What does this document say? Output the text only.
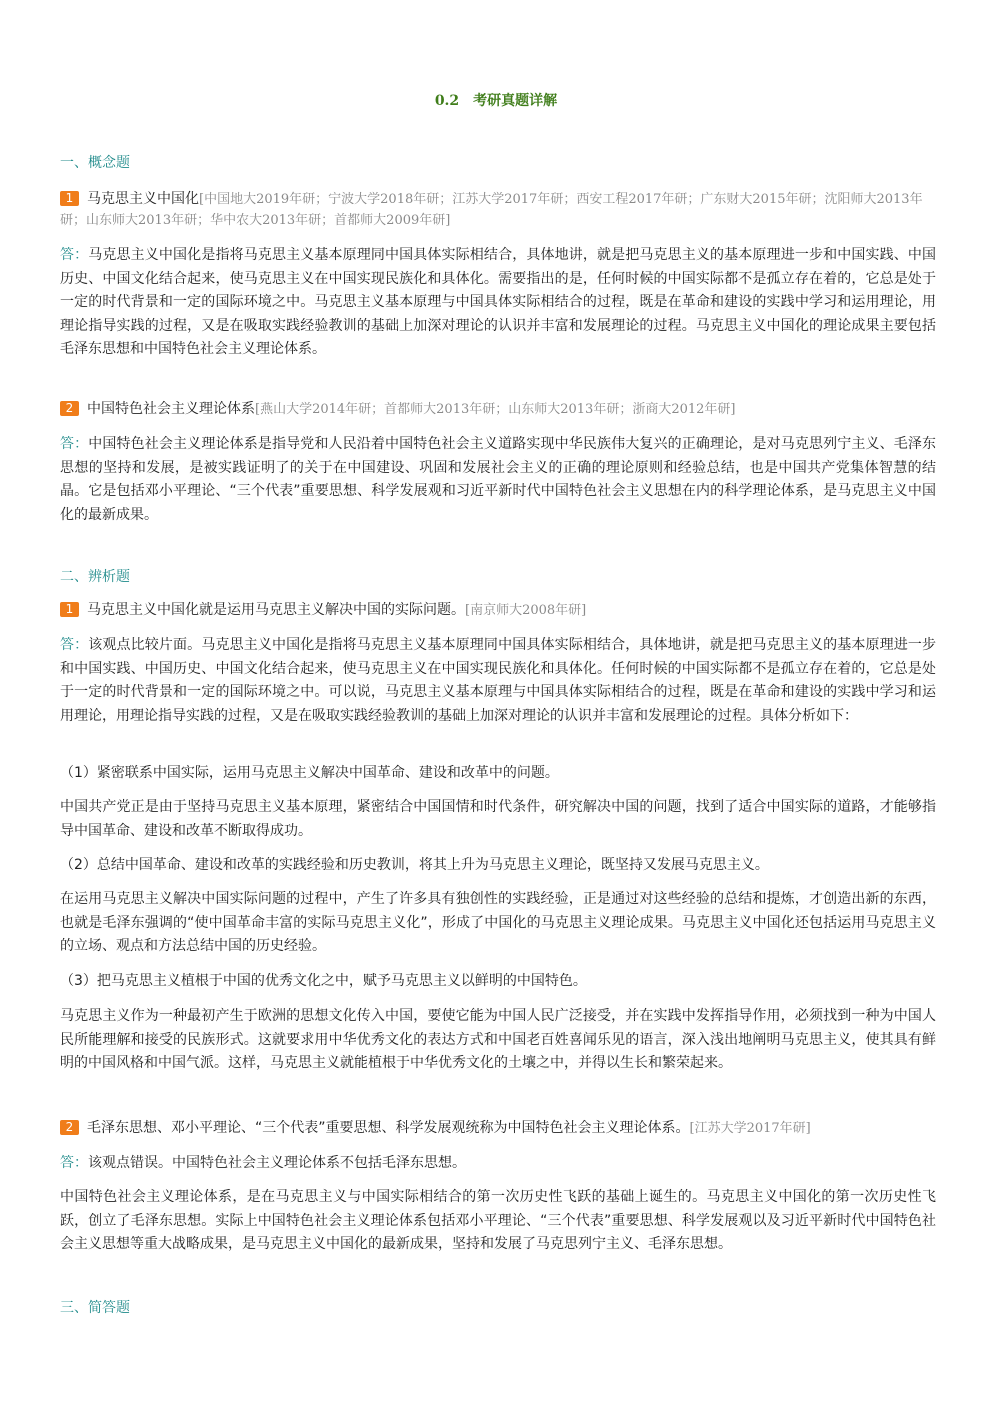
0.2 考研真题详解
一、概念题
1 马克思主义中国化[中国地大2019年研；宁波大学2018年研；江苏大学2017年研；西安工程2017年研；广东财大2015年研；沈阳师大2013年研；山东师大2013年研；华中农大2013年研；首都师大2009年研]
答：马克思主义中国化是指将马克思主义基本原理同中国具体实际相结合，具体地讲，就是把马克思主义的基本原理进一步和中国实践、中国历史、中国文化结合起来，使马克思主义在中国实现民族化和具体化。需要指出的是，任何时候的中国实际都不是孤立存在着的，它总是处于一定的时代背景和一定的国际环境之中。马克思主义基本原理与中国具体实际相结合的过程，既是在革命和建设的实践中学习和运用理论，用理论指导实践的过程，又是在吸取实践经验教训的基础上加深对理论的认识并丰富和发展理论的过程。马克思主义中国化的理论成果主要包括毛泽东思想和中国特色社会主义理论体系。
2 中国特色社会主义理论体系[燕山大学2014年研；首都师大2013年研；山东师大2013年研；浙商大2012年研]
答：中国特色社会主义理论体系是指导党和人民沿着中国特色社会主义道路实现中华民族伟大复兴的正确理论，是对马克思列宁主义、毛泽东思想的坚持和发展，是被实践证明了的关于在中国建设、巩固和发展社会主义的正确的理论原则和经验总结，也是中国共产党集体智慧的结晶。它是包括邓小平理论、“三个代表”重要思想、科学发展观和习近平新时代中国特色社会主义思想在内的科学理论体系，是马克思主义中国化的最新成果。
二、辨析题
1 马克思主义中国化就是运用马克思主义解决中国的实际问题。[南京师大2008年研]
答：该观点比较片面。马克思主义中国化是指将马克思主义基本原理同中国具体实际相结合，具体地讲，就是把马克思主义的基本原理进一步和中国实践、中国历史、中国文化结合起来，使马克思主义在中国实现民族化和具体化。任何时候的中国实际都不是孤立存在着的，它总是处于一定的时代背景和一定的国际环境之中。可以说，马克思主义基本原理与中国具体实际相结合的过程，既是在革命和建设的实践中学习和运用理论，用理论指导实践的过程，又是在吸取实践经验教训的基础上加深对理论的认识并丰富和发展理论的过程。具体分析如下：
（1）紧密联系中国实际，运用马克思主义解决中国革命、建设和改革中的问题。
中国共产党正是由于坚持马克思主义基本原理，紧密结合中国国情和时代条件，研究解决中国的问题，找到了适合中国实际的道路，才能够指导中国革命、建设和改革不断取得成功。
（2）总结中国革命、建设和改革的实践经验和历史教训，将其上升为马克思主义理论，既坚持又发展马克思主义。
在运用马克思主义解决中国实际问题的过程中，产生了许多具有独创性的实践经验，正是通过对这些经验的总结和提炼，才创造出新的东西，也就是毛泽东强调的“使中国革命丰富的实际马克思主义化”，形成了中国化的马克思主义理论成果。马克思主义中国化还包括运用马克思主义的立场、观点和方法总结中国的历史经验。
（3）把马克思主义植根于中国的优秀文化之中，赋予马克思主义以鲜明的中国特色。
马克思主义作为一种最初产生于欧洲的思想文化传入中国，要使它能为中国人民广泛接受，并在实践中发挥指导作用，必须找到一种为中国人民所能理解和接受的民族形式。这就要求用中华优秀文化的表达方式和中国老百姓喜闻乐见的语言，深入浅出地阐明马克思主义，使其具有鲜明的中国风格和中国气派。这样，马克思主义就能植根于中华优秀文化的土壤之中，并得以生长和繁荣起来。
2 毛泽东思想、邓小平理论、“三个代表”重要思想、科学发展观统称为中国特色社会主义理论体系。[江苏大学2017年研]
答：该观点错误。中国特色社会主义理论体系不包括毛泽东思想。
中国特色社会主义理论体系，是在马克思主义与中国实际相结合的第一次历史性飞跃的基础上诞生的。马克思主义中国化的第一次历史性飞跃，创立了毛泽东思想。实际上中国特色社会主义理论体系包括邓小平理论、“三个代表”重要思想、科学发展观以及习近平新时代中国特色社会主义思想等重大战略成果，是马克思主义中国化的最新成果，坚持和发展了马克思列宁主义、毛泽东思想。
三、简答题
